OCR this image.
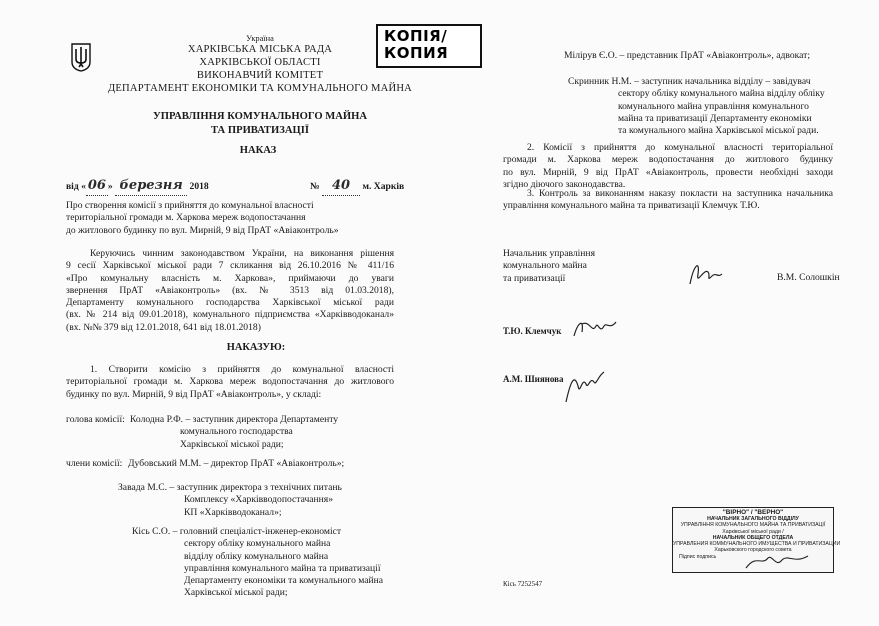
Україна
ХАРКІВСЬКА МІСЬКА РАДА
ХАРКІВСЬКОЇ ОБЛАСТІ
ВИКОНАВЧИЙ КОМІТЕТ
ДЕПАРТАМЕНТ ЕКОНОМІКИ ТА КОМУНАЛЬНОГО МАЙНА
УПРАВЛІННЯ КОМУНАЛЬНОГО МАЙНА
ТА ПРИВАТИЗАЦІЇ
КОПІЯ/
КОПИЯ
НАКАЗ
від « 06 » березня 2018	№ 40 м. Харків
Про створення комісії з прийняття до комунальної власності
територіальної громади м. Харкова мереж водопостачання
до житлового будинку по вул. Мирній, 9 від ПрАТ «Авіаконтроль»
Керуючись чинним законодавством України, на виконання рішення
9 сесії Харківської міської ради 7 скликання від 26.10.2016 № 411/16
«Про комунальну власність м. Харкова», приймаючи до уваги
звернення ПрАТ «Авіаконтроль» (вх. № 3513 від 01.03.2018),
Департаменту комунального господарства Харківської міської ради
(вх. № 214 від 09.01.2018), комунального підприємства «Харківводоканал»
(вх. №№ 379 від 12.01.2018, 641 від 18.01.2018)
НАКАЗУЮ:
1. Створити комісію з прийняття до комунальної власності
територіальної громади м. Харкова мереж водопостачання до житлового
будинку по вул. Мирній, 9 від ПрАТ «Авіаконтроль», у складі:
голова комісії: Колодна Р.Ф. – заступник директора Департаменту
комунального господарства
Харківської міської ради;
члени комісії: Дубовський М.М. – директор ПрАТ «Авіаконтроль»;
Завада М.С. – заступник директора з технічних питань
Комплексу «Харківводопостачання»
КП «Харківводоканал»;
Кісь С.О. – головний спеціаліст-інженер-економіст
сектору обліку комунального майна
відділу обліку комунального майна
управління комунального майна та приватизації
Департаменту економіки та комунального майна
Харківської міської ради;
Мілірув Є.О. – представник ПрАТ «Авіаконтроль», адвокат;
Скринник Н.М. – заступник начальника відділу – завідувач
сектору обліку комунального майна відділу обліку
комунального майна управління комунального
майна та приватизації Департаменту економіки
та комунального майна Харківської міської ради.
2. Комісії з прийняття до комунальної власності територіальної
громади м. Харкова мереж водопостачання до житлового будинку
по вул. Мирній, 9 від ПрАТ «Авіаконтроль, провести необхідні заходи
згідно діючого законодавства.
3. Контроль за виконанням наказу покласти на заступника начальника
управління комунального майна та приватизації Клемчук Т.Ю.
Начальник управління
комунального майна
та приватизації	В.М. Солошкін
Т.Ю. Клемчук
А.М. Шиянова
Кісь 7252547
"ВІРНО" / "ВЕРНО"
НАЧАЛЬНИК ЗАГАЛЬНОГО ВІДДІЛУ
УПРАВЛІННЯ КОМУНАЛЬНОГО МАЙНА ТА ПРИВАТИЗАЦІЇ
Харківської міської ради /
НАЧАЛЬНИК ОБЩЕГО ОТДЕЛА
УПРАВЛЕНИЯ КОММУНАЛЬНОГО ИМУЩЕСТВА И ПРИВАТИЗАЦИИ
Харьковского городского совета
Підпис подпись
